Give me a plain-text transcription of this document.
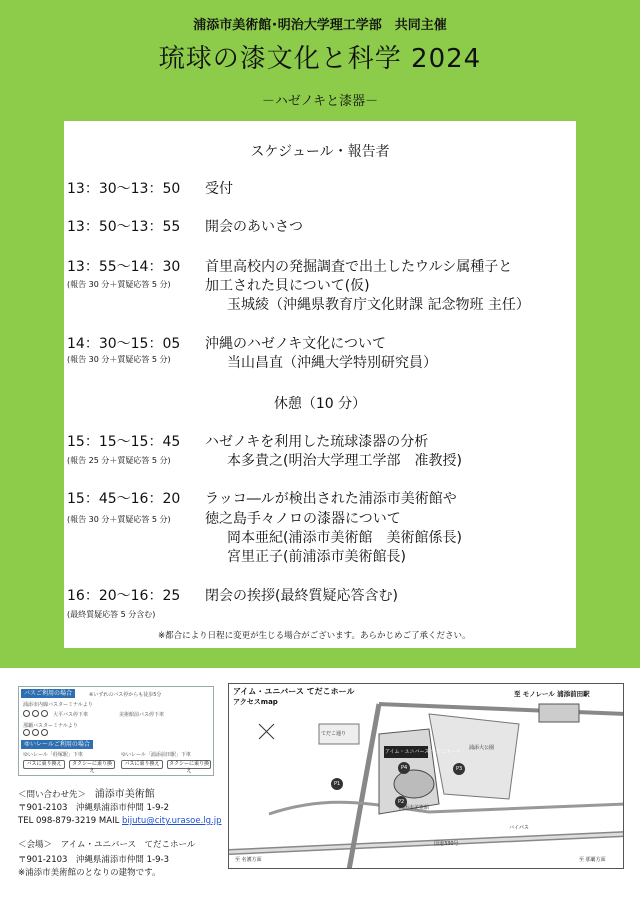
浦添市美術館･明治大学理工学部　共同主催
琉球の漆文化と科学 2024
－ハゼノキと漆器－
スケジュール・報告者
13：30～13：50 受付
13：50～13：55 開会のあいさつ
13：55～14：30
(報告 30 分＋質疑応答 5 分)
首里高校内の発掘調査で出土したウルシ属種子と
加工された貝について(仮)
玉城綾（沖縄県教育庁文化財課 記念物班 主任）
14：30～15：05
(報告 30 分＋質疑応答 5 分)
沖縄のハゼノキ文化について
当山昌直（沖縄大学特別研究員）
休憩（10 分）
15：15～15：45
(報告 25 分＋質疑応答 5 分)
ハゼノキを利用した琉球漆器の分析
本多貴之(明治大学理工学部　准教授)
15：45～16：20
(報告 30 分＋質疑応答 5 分)
ラッコ―ルが検出された浦添市美術館や
徳之島手々ノロの漆器について
岡本亜紀(浦添市美術館　美術館係長)
宮里正子(前浦添市美術館長)
16：20～16：25
(最終質疑応答 5 分含む)
閉会の挨拶(最終質疑応答含む)
※都合により日程に変更が生じる場合がございます。あらかじめご了承ください。
バスご利用の場合	※いずれのバス停からも徒歩5分
浦添市内線バスターミナルより
大平バス停下車	美術館前バス停下車
那覇バスターミナルより
ゆいレールご利用の場合
ゆいレール「経塚駅」下車	ゆいレール「浦添前田駅」下車
バスに乗り換え	タクシーに乗り換え
バスに乗り換え	タクシーに乗り換え
＜問い合わせ先＞ 浦添市美術館
〒901-2103　沖縄県浦添市仲間 1-9-2
TEL 098-879-3219 MAIL bijutu@city.urasoe.lg.jp
＜会場＞ アイム・ユニバース　てだこホール
〒901-2103　沖縄県浦添市仲間 1-9-3
※浦添市美術館のとなりの建物です。
アイム・ユニバース てだこホール
アクセスmap
至 モノレール 浦添前田駅
アイム・ユニバース てだこホール
浦添市美術館
国道330号
てだこ通り
浦添大公園
至 名護方面	至 那覇方面
バイパス
P1
P2
P3
P4
